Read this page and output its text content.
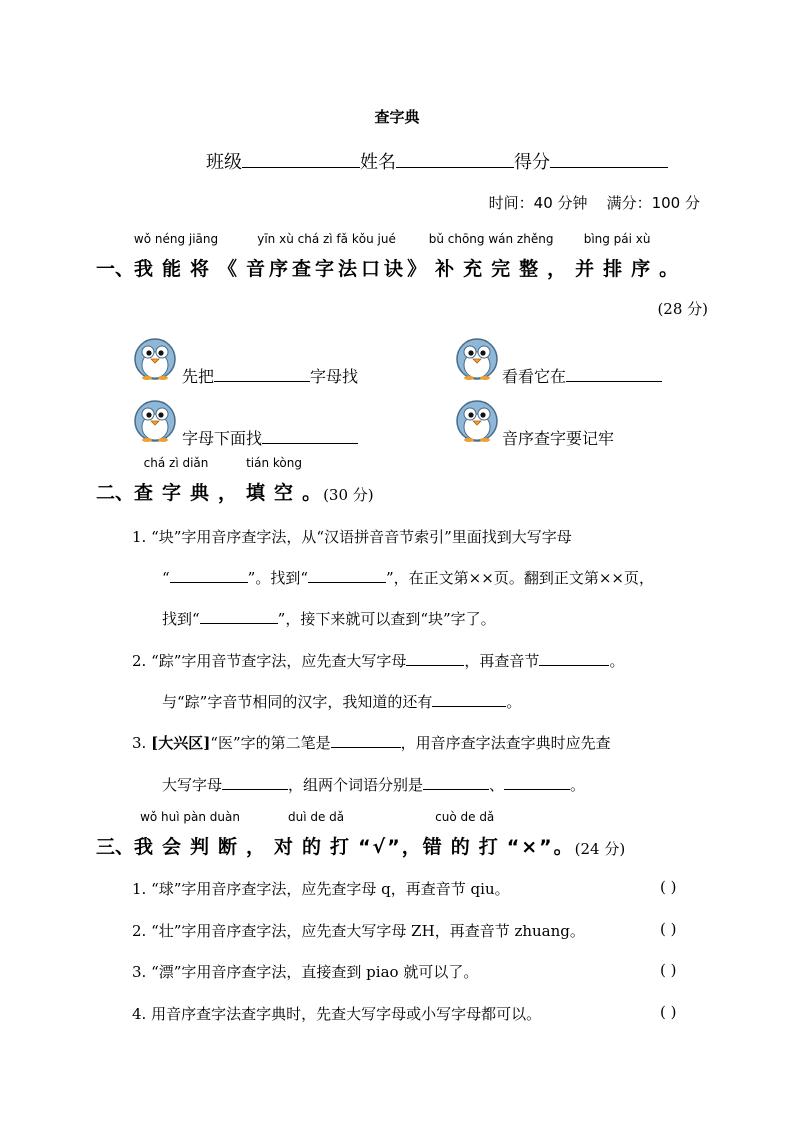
查字典
班级	姓名	得分
时间：40 分钟 满分：100 分
一、
wǒ néng jiāng
我能将
《
yīn xù chá zì fǎ kǒu jué
音序查字法口诀
》
bǔ chōng wán zhěng
补充完整
，
bìng pái xù
并排序
。
(28 分)
先把	字母找	看看它在
字母下面找	音序查字要记牢
二、
chá zì diǎn
查字典
，
tián kòng
填空
。(30 分)
1. “块”字用音序查字法，从“汉语拼音音节索引”里面找到大写字母
“	”。找到“	”，在正文第××页。翻到正文第××页，
找到“	”，接下来就可以查到“块”字了。
2. “踪”字用音节查字法，应先查大写字母	，再查音节	。
与“踪”字音节相同的汉字，我知道的还有	。
3. [大兴区]“医”字的第二笔是	，用音序查字法查字典时应先查
大写字母	，组两个词语分别是	、	。
三、
wǒ huì pàn duàn
我会判断
，
duì de dǎ
对的打
“√”，
cuò de dǎ
错的打
“×”。(24 分)
1. “球”字用音序查字法，应先查字母 q，再查音节 qiu。	( )
2. “壮”字用音序查字法，应先查大写字母 ZH，再查音节 zhuang。	( )
3. “漂”字用音序查字法，直接查到 piao 就可以了。	( )
4. 用音序查字法查字典时，先查大写字母或小写字母都可以。	( )
